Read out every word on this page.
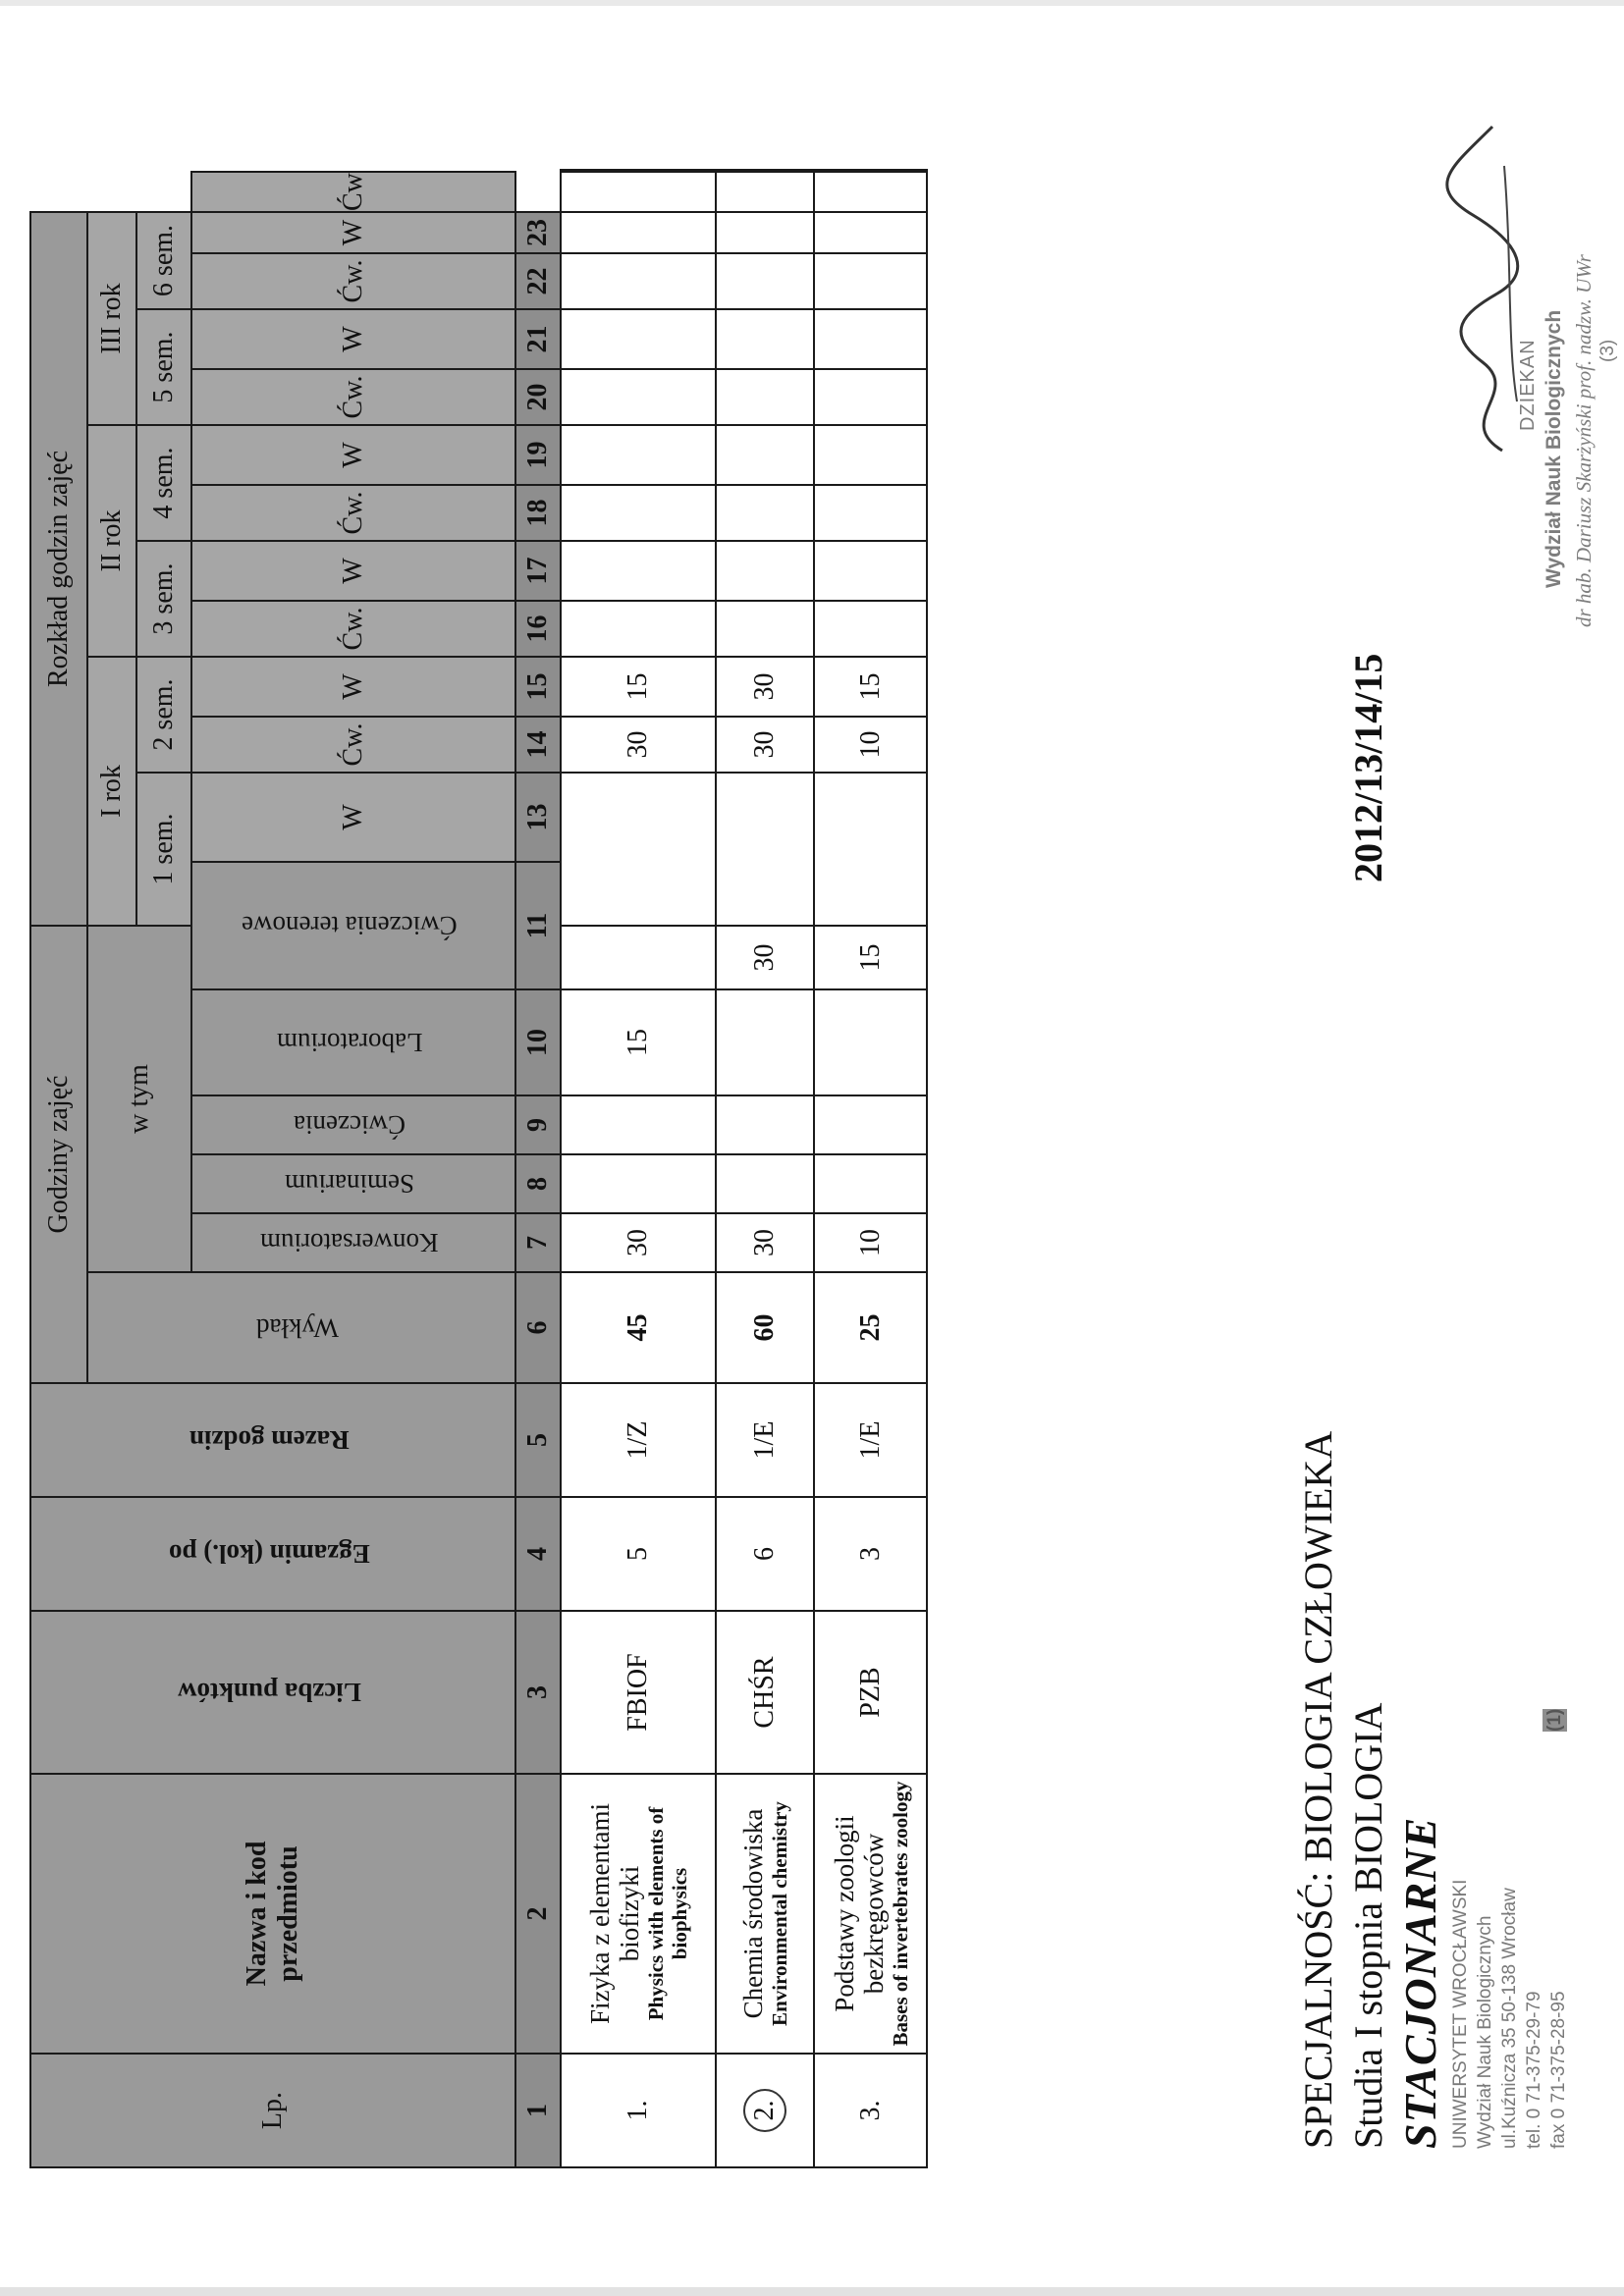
UNIWERSYTET WROCŁAWSKI Wydział Nauk Biologicznych ul.Kuźnicza 35 50-138 Wrocław tel. 0 71-375-29-79 fax 0 71-375-28-95
(1)
STACJONARNE
Studia I stopnia BIOLOGIA
SPECJALNOŚĆ: BIOLOGIA CZŁOWIEKA
2012/13/14/15
DZIEKAN Wydział Nauk Biologicznych dr hab. Dariusz Skarżyński prof. nadzw. UWr (3)
Lp.	Nazwa i kod przedmiotu	Liczba punktów	Egzamin (kol.) po	Razem godzin	Godziny zajęć						Rozkład godzin zajęć													
					Wykład	w tym					I rok				II rok				III rok					
											1 sem.		2 sem.		3 sem.		4 sem.		5 sem.		6 sem.			
						Konwersatorium	Seminarium	Ćwiczenia	Laboratorium	Ćwiczenia terenowe		W	Ćw.	W	Ćw.	W	Ćw.	W	Ćw.	W	Ćw.	W	Ćw	

1	2	3	4	5	6	7	8	9	10	11		13	14	15	16	17	18	19	20	21	22	23		
1.	Fizyka z elementami biofizyki Physics with elements of biophysics	FBIOF	5	1/Z	45	30			15				30	15										
2.	Chemia środowiska Environmental chemistry	CHŚR	6	1/E	60	30				30			30	30										
3.	Podstawy zoologii bezkręgowców Bases of invertebrates zoology	PZB	3	1/E	25	10				15			10	15										
